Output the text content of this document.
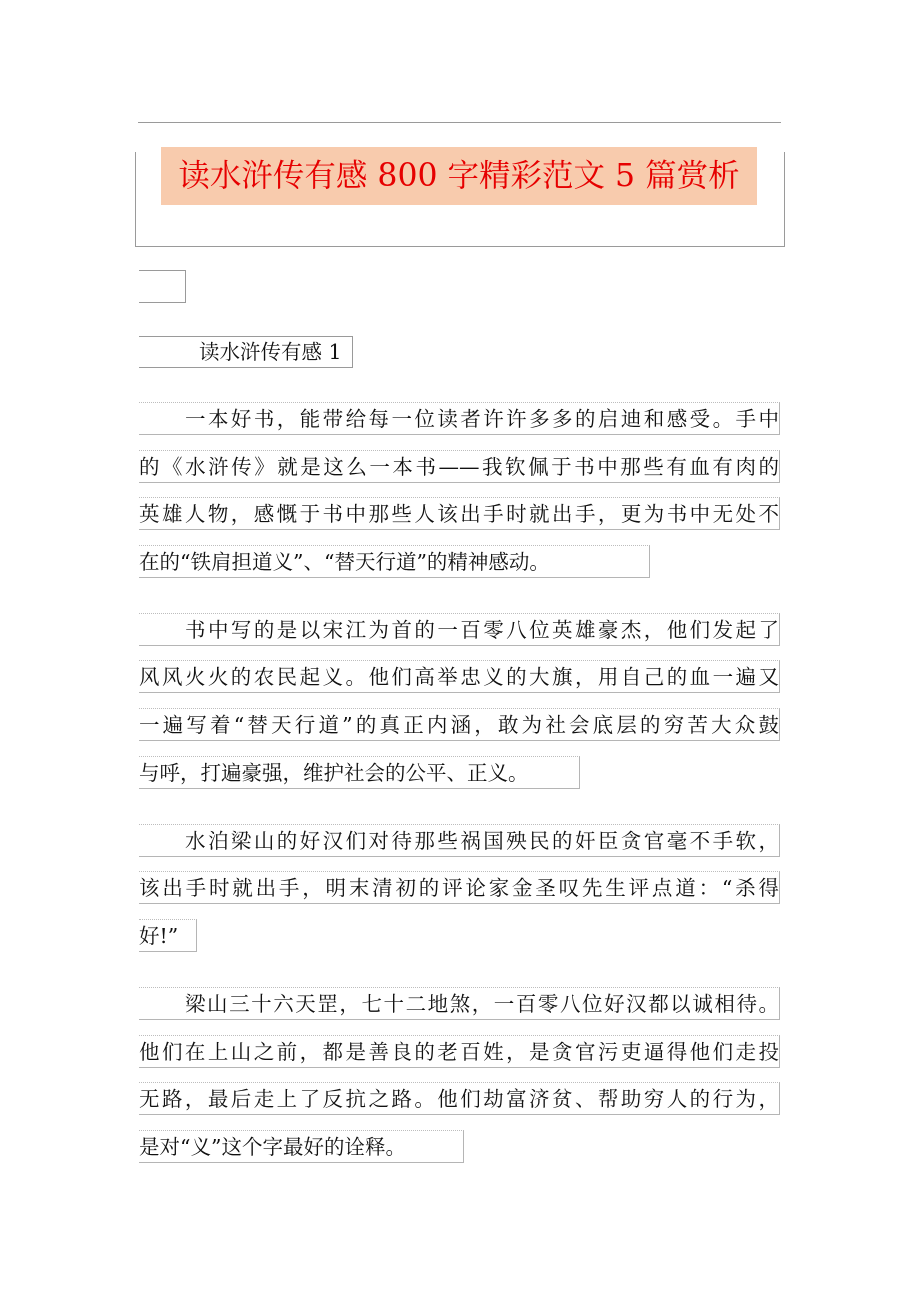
读水浒传有感 800 字精彩范文 5 篇赏析
读水浒传有感 1
一本好书，能带给每一位读者许许多多的启迪和感受。手中
的《水浒传》就是这么一本书——我钦佩于书中那些有血有肉的
英雄人物，感慨于书中那些人该出手时就出手，更为书中无处不
在的“铁肩担道义”、“替天行道”的精神感动。
书中写的是以宋江为首的一百零八位英雄豪杰，他们发起了
风风火火的农民起义。他们高举忠义的大旗，用自己的血一遍又
一遍写着“替天行道”的真正内涵，敢为社会底层的穷苦大众鼓
与呼，打遍豪强，维护社会的公平、正义。
水泊梁山的好汉们对待那些祸国殃民的奸臣贪官毫不手软，
该出手时就出手，明末清初的评论家金圣叹先生评点道：“杀得
好!”
梁山三十六天罡，七十二地煞，一百零八位好汉都以诚相待。
他们在上山之前，都是善良的老百姓，是贪官污吏逼得他们走投
无路，最后走上了反抗之路。他们劫富济贫、帮助穷人的行为，
是对“义”这个字最好的诠释。
